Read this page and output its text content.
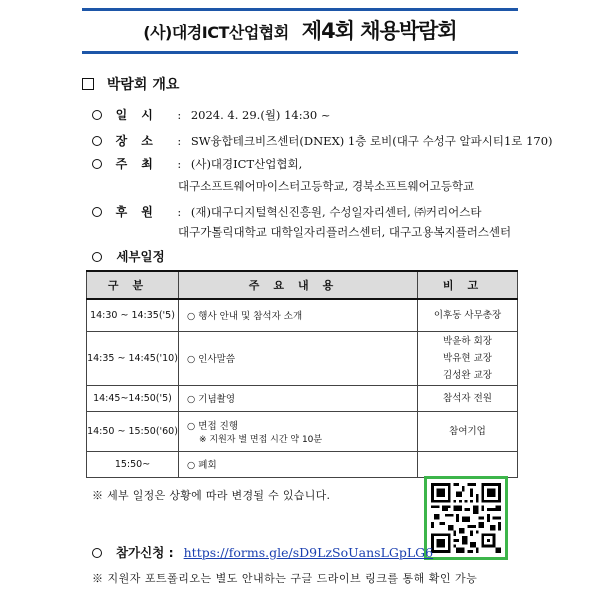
(사)대경ICT산업협회 제4회 채용박람회
박람회 개요
일시 : 2024. 4. 29.(월) 14:30 ~
장소 : SW융합테크비즈센터(DNEX) 1층 로비(대구 수성구 알파시티1로 170)
주최 : (사)대경ICT산업협회,
대구소프트웨어마이스터고등학교, 경북소프트웨어고등학교
후원 : (재)대구디지털혁신진흥원, 수성일자리센터, ㈜커리어스타
대구가톨릭대학교 대학일자리플러스센터, 대구고용복지플러스센터
세부일정
구분	주요내용	비고
14:30 ~ 14:35('5)	○ 행사 안내 및 참석자 소개	이후동 사무총장

14:35 ~ 14:45('10)	○ 인사말씀	박윤하 회장
박유현 교장
김성완 교장

14:45~14:50('5)	○ 기념촬영	참석자 전원

14:50 ~ 15:50('60)	○ 면접 진행
※ 지원자 별 면접 시간 약 10분	참여기업

15:50~	○ 폐회	
※ 세부 일정은 상황에 따라 변경될 수 있습니다.
참가신청 : https://forms.gle/sD9LzSoUansLGpLG6
※ 지원자 포트폴리오는 별도 안내하는 구글 드라이브 링크를 통해 확인 가능
